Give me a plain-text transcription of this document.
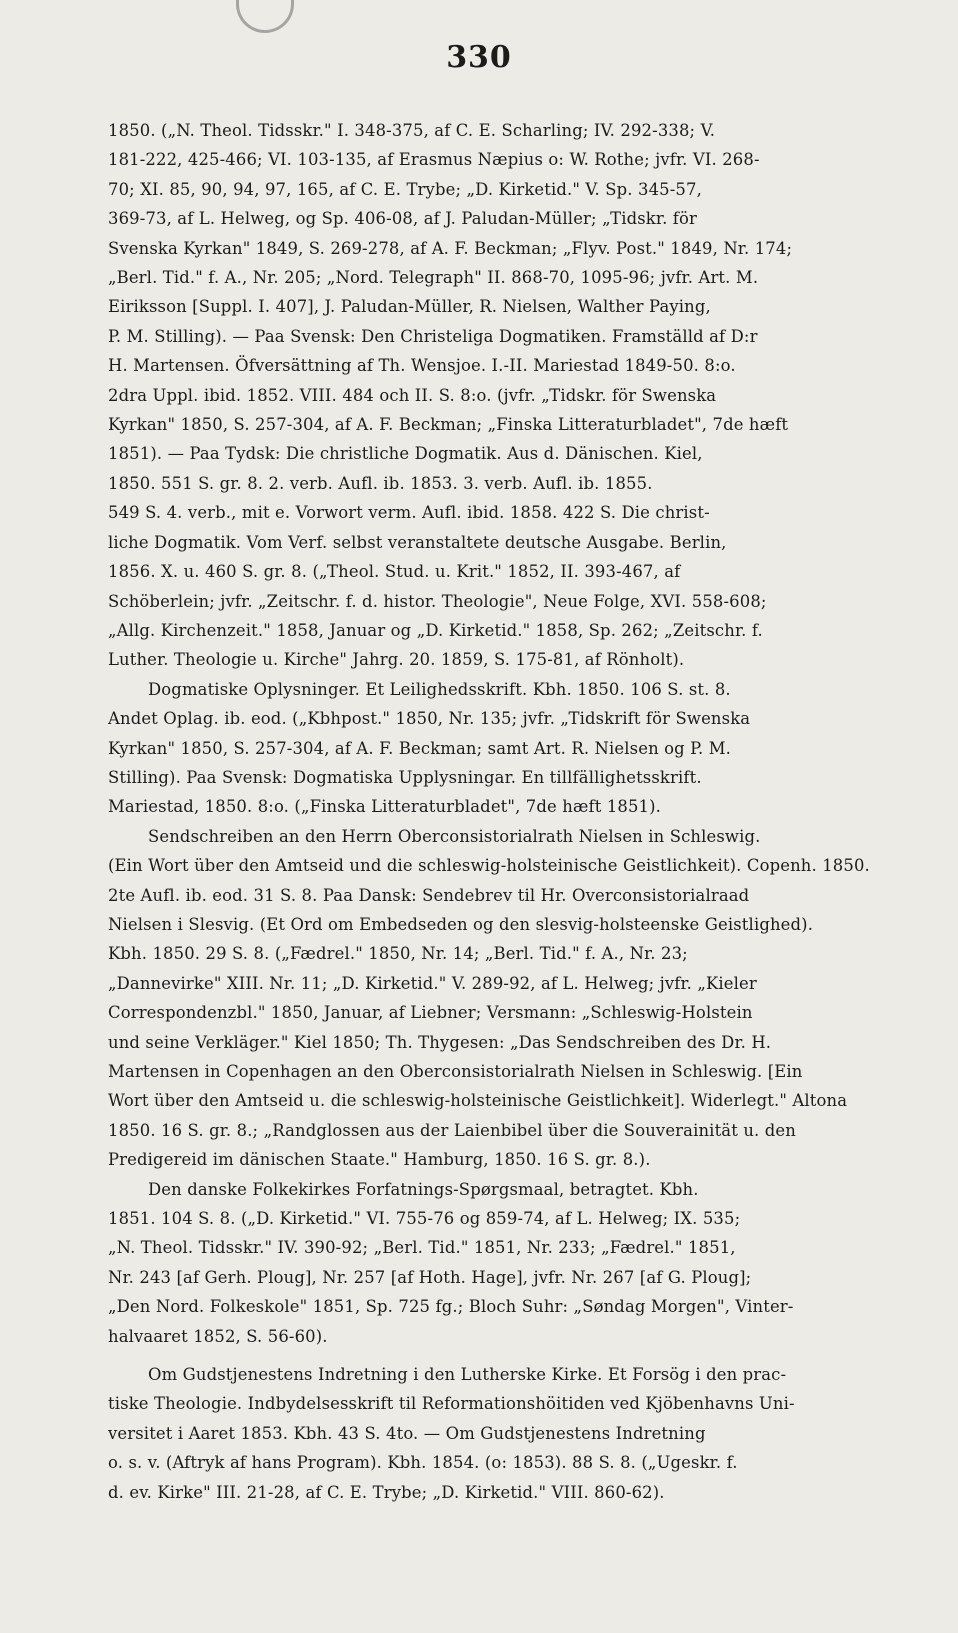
330
1850. („N. Theol. Tidsskr." I. 348-375, af C. E. Scharling; IV. 292-338; V.
181-222, 425-466; VI. 103-135, af Erasmus Næpius o: W. Rothe; jvfr. VI. 268-
70; XI. 85, 90, 94, 97, 165, af C. E. Trybe; „D. Kirketid." V. Sp. 345-57,
369-73, af L. Helweg, og Sp. 406-08, af J. Paludan-Müller; „Tidskr. för
Svenska Kyrkan" 1849, S. 269-278, af A. F. Beckman; „Flyv. Post." 1849, Nr. 174;
„Berl. Tid." f. A., Nr. 205; „Nord. Telegraph" II. 868-70, 1095-96; jvfr. Art. M.
Eiriksson [Suppl. I. 407], J. Paludan-Müller, R. Nielsen, Walther Paying,
P. M. Stilling). — Paa Svensk: Den Christeliga Dogmatiken. Framställd af D:r
H. Martensen. Öfversättning af Th. Wensjoe. I.-II. Mariestad 1849-50. 8:o.
2dra Uppl. ibid. 1852. VIII. 484 och II. S. 8:o. (jvfr. „Tidskr. för Swenska
Kyrkan" 1850, S. 257-304, af A. F. Beckman; „Finska Litteraturbladet", 7de hæft
1851). — Paa Tydsk: Die christliche Dogmatik. Aus d. Dänischen. Kiel,
1850. 551 S. gr. 8. 2. verb. Aufl. ib. 1853. 3. verb. Aufl. ib. 1855.
549 S. 4. verb., mit e. Vorwort verm. Aufl. ibid. 1858. 422 S. Die christ-
liche Dogmatik. Vom Verf. selbst veranstaltete deutsche Ausgabe. Berlin,
1856. X. u. 460 S. gr. 8. („Theol. Stud. u. Krit." 1852, II. 393-467, af
Schöberlein; jvfr. „Zeitschr. f. d. histor. Theologie", Neue Folge, XVI. 558-608;
„Allg. Kirchenzeit." 1858, Januar og „D. Kirketid." 1858, Sp. 262; „Zeitschr. f.
Luther. Theologie u. Kirche" Jahrg. 20. 1859, S. 175-81, af Rönholt).
Dogmatiske Oplysninger. Et Leilighedsskrift. Kbh. 1850. 106 S. st. 8.
Andet Oplag. ib. eod. („Kbhpost." 1850, Nr. 135; jvfr. „Tidskrift för Swenska
Kyrkan" 1850, S. 257-304, af A. F. Beckman; samt Art. R. Nielsen og P. M.
Stilling). Paa Svensk: Dogmatiska Upplysningar. En tillfällighetsskrift.
Mariestad, 1850. 8:o. („Finska Litteraturbladet", 7de hæft 1851).
Sendschreiben an den Herrn Oberconsistorialrath Nielsen in Schleswig.
(Ein Wort über den Amtseid und die schleswig-holsteinische Geistlichkeit). Copenh. 1850.
2te Aufl. ib. eod. 31 S. 8. Paa Dansk: Sendebrev til Hr. Overconsistorialraad
Nielsen i Slesvig. (Et Ord om Embedseden og den slesvig-holsteenske Geistlighed).
Kbh. 1850. 29 S. 8. („Fædrel." 1850, Nr. 14; „Berl. Tid." f. A., Nr. 23;
„Dannevirke" XIII. Nr. 11; „D. Kirketid." V. 289-92, af L. Helweg; jvfr. „Kieler
Correspondenzbl." 1850, Januar, af Liebner; Versmann: „Schleswig-Holstein
und seine Verkläger." Kiel 1850; Th. Thygesen: „Das Sendschreiben des Dr. H.
Martensen in Copenhagen an den Oberconsistorialrath Nielsen in Schleswig. [Ein
Wort über den Amtseid u. die schleswig-holsteinische Geistlichkeit]. Widerlegt." Altona
1850. 16 S. gr. 8.; „Randglossen aus der Laienbibel über die Souverainität u. den
Predigereid im dänischen Staate." Hamburg, 1850. 16 S. gr. 8.).
Den danske Folkekirkes Forfatnings-Spørgsmaal, betragtet. Kbh.
1851. 104 S. 8. („D. Kirketid." VI. 755-76 og 859-74, af L. Helweg; IX. 535;
„N. Theol. Tidsskr." IV. 390-92; „Berl. Tid." 1851, Nr. 233; „Fædrel." 1851,
Nr. 243 [af Gerh. Ploug], Nr. 257 [af Hoth. Hage], jvfr. Nr. 267 [af G. Ploug];
„Den Nord. Folkeskole" 1851, Sp. 725 fg.; Bloch Suhr: „Søndag Morgen", Vinter-
halvaaret 1852, S. 56-60).
Om Gudstjenestens Indretning i den Lutherske Kirke. Et Forsög i den prac-
tiske Theologie. Indbydelsesskrift til Reformationshöitiden ved Kjöbenhavns Uni-
versitet i Aaret 1853. Kbh. 43 S. 4to. — Om Gudstjenestens Indretning
o. s. v. (Aftryk af hans Program). Kbh. 1854. (o: 1853). 88 S. 8. („Ugeskr. f.
d. ev. Kirke" III. 21-28, af C. E. Trybe; „D. Kirketid." VIII. 860-62).
